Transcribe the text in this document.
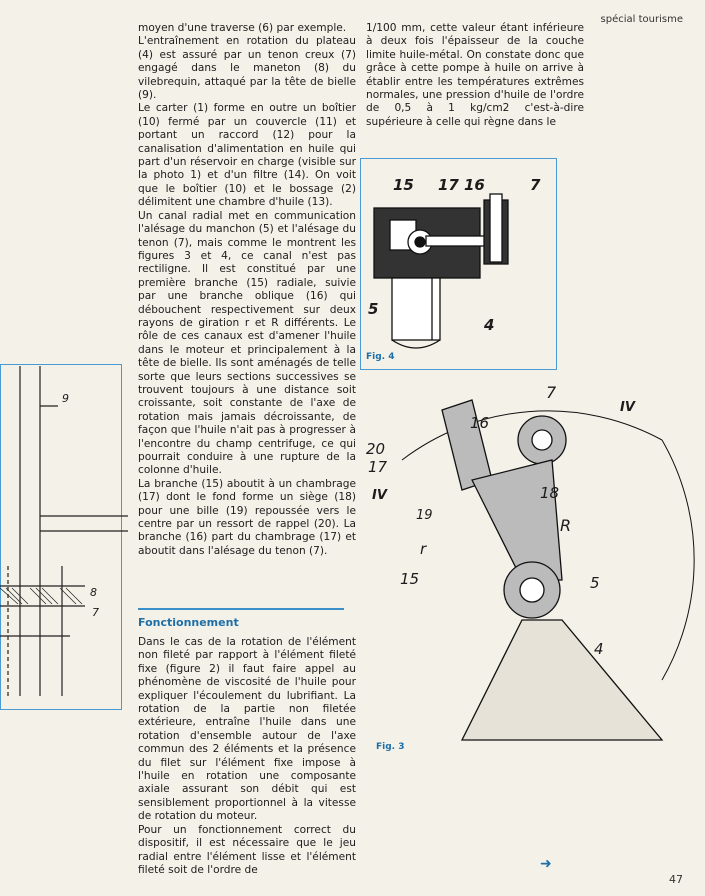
spécial tourisme
9
8
7

moyen d'une traverse (6) par exemple.

L'entraînement en rotation du plateau (4) est assuré par un tenon creux (7) engagé dans le maneton (8) du vilebrequin, attaqué par la tête de bielle (9).

Le carter (1) forme en outre un boîtier (10) fermé par un couvercle (11) et portant un raccord (12) pour la canalisation d'alimentation en huile qui part d'un réservoir en charge (visible sur la photo 1) et d'un filtre (14). On voit que le boîtier (10) et le bossage (2) délimitent une chambre d'huile (13).

Un canal radial met en communication l'alésage du manchon (5) et l'alésage du tenon (7), mais comme le montrent les figures 3 et 4, ce canal n'est pas rectiligne. Il est constitué par une première branche (15) radiale, suivie par une branche oblique (16) qui débouchent respectivement sur deux rayons de giration r et R différents. Le rôle de ces canaux est d'amener l'huile dans le moteur et principalement à la tête de bielle. Ils sont aménagés de telle sorte que leurs sections successives se trouvent toujours à une distance soit croissante, soit constante de l'axe de rotation mais jamais décroissante, de façon que l'huile n'ait pas à progresser à l'encontre du champ centrifuge, ce qui pourrait conduire à une rupture de la colonne d'huile.

La branche (15) aboutit à un chambrage (17) dont le fond forme un siège (18) pour une bille (19) repoussée vers le centre par un ressort de rappel (20). La branche (16) part du chambrage (17) et aboutit dans l'alésage du tenon (7).

Fonctionnement

Dans le cas de la rotation de l'élément non fileté par rapport à l'élément fileté fixe (figure 2) il faut faire appel au phénomène de viscosité de l'huile pour expliquer l'écoulement du lubrifiant. La rotation de la partie non filetée extérieure, entraîne l'huile dans une rotation d'ensemble autour de l'axe commun des 2 éléments et la présence du filet sur l'élément fixe impose à l'huile en rotation une composante axiale assurant son débit qui est sensiblement proportionnel à la vitesse de rotation du moteur.

Pour un fonctionnement correct du dispositif, il est nécessaire que le jeu radial entre l'élément lisse et l'élément fileté soit de l'ordre de

1/100 mm, cette valeur étant inférieure à deux fois l'épaisseur de la couche limite huile-métal. On constate donc que grâce à cette pompe à huile on arrive à établir entre les températures extrêmes normales, une pression d'huile de l'ordre de 0,5 à 1 kg/cm2 c'est-à-dire supérieure à celle qui règne dans le

15 17 16	7
5
4
Fig. 4
7
IV
16
20
17
IV	18
19
r
R
15	5
4
Fig. 3
➜
47
